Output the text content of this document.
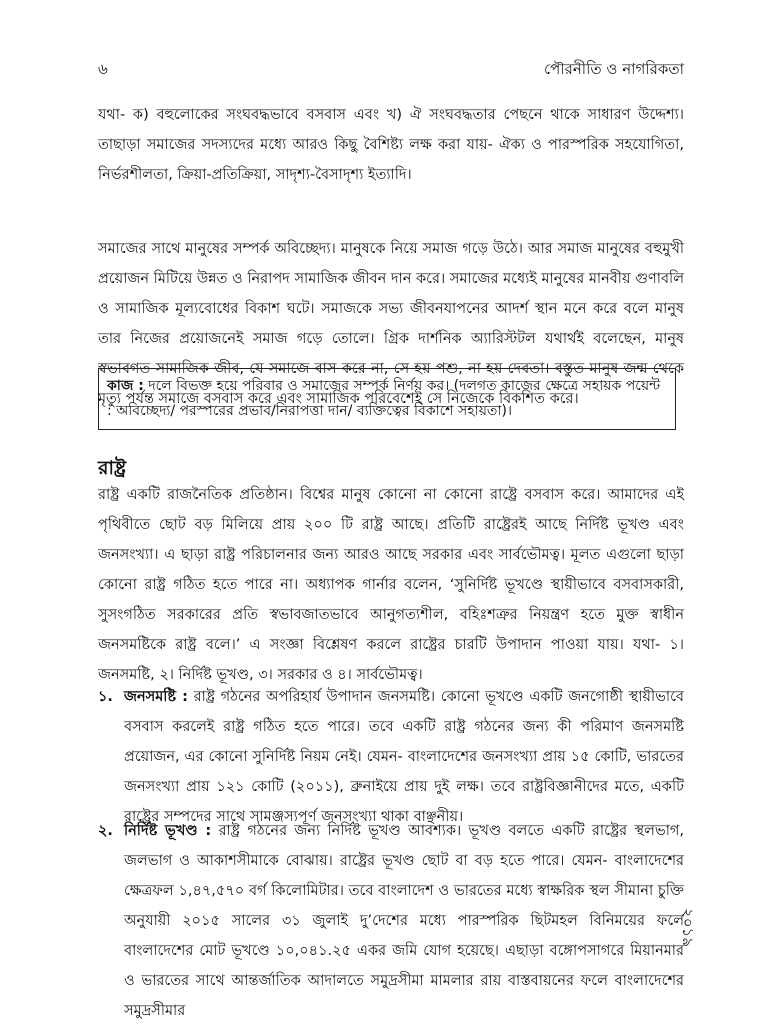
৬	পৌরনীতি ও নাগরিকতা

যথা- ক) বহুলোকের সংঘবদ্ধভাবে বসবাস এবং খ) ঐ সংঘবদ্ধতার পেছনে থাকে সাধারণ উদ্দেশ্য। তাছাড়া সমাজের সদস্যদের মধ্যে আরও কিছু বৈশিষ্ট্য লক্ষ করা যায়- ঐক্য ও পারস্পরিক সহযোগিতা, নির্ভরশীলতা, ক্রিয়া-প্রতিক্রিয়া, সাদৃশ্য-বৈসাদৃশ্য ইত্যাদি।

সমাজের সাথে মানুষের সম্পর্ক অবিচ্ছেদ্য। মানুষকে নিয়ে সমাজ গড়ে উঠে। আর সমাজ মানুষের বহুমুখী প্রয়োজন মিটিয়ে উন্নত ও নিরাপদ সামাজিক জীবন দান করে। সমাজের মধ্যেই মানুষের মানবীয় গুণাবলি ও সামাজিক মূল্যবোধের বিকাশ ঘটে। সমাজকে সভ্য জীবনযাপনের আদর্শ স্থান মনে করে বলে মানুষ তার নিজের প্রয়োজনেই সমাজ গড়ে তোলে। গ্রিক দার্শনিক অ্যারিস্টটল যথার্থই বলেছেন, মানুষ স্বভাবগত সামাজিক জীব, যে সমাজে বাস করে না, সে হয় পশু, না হয় দেবতা। বস্তুত মানুষ জন্ম থেকে মৃত্যু পর্যন্ত সমাজে বসবাস করে এবং সামাজিক পরিবেশেই সে নিজেকে বিকশিত করে।

কাজ : দলে বিভক্ত হয়ে পরিবার ও সমাজের সম্পর্ক নির্ণয় কর। (দলগত কাজের ক্ষেত্রে সহায়ক পয়েন্ট : অবিচ্ছেদ্য/ পরস্পরের প্রভাব/নিরাপত্তা দান/ ব্যক্তিত্বের বিকাশে সহায়তা)।
রাষ্ট্র

রাষ্ট্র একটি রাজনৈতিক প্রতিষ্ঠান। বিশ্বের মানুষ কোনো না কোনো রাষ্ট্রে বসবাস করে। আমাদের এই পৃথিবীতে ছোট বড় মিলিয়ে প্রায় ২০০ টি রাষ্ট্র আছে। প্রতিটি রাষ্ট্রেরই আছে নির্দিষ্ট ভূখণ্ড এবং জনসংখ্যা। এ ছাড়া রাষ্ট্র পরিচালনার জন্য আরও আছে সরকার এবং সার্বভৌমত্ব। মূলত এগুলো ছাড়া কোনো রাষ্ট্র গঠিত হতে পারে না। অধ্যাপক গার্নার বলেন, ‘সুনির্দিষ্ট ভূখণ্ডে স্থায়ীভাবে বসবাসকারী, সুসংগঠিত সরকারের প্রতি স্বভাবজাতভাবে আনুগত্যশীল, বহিঃশত্রুর নিয়ন্ত্রণ হতে মুক্ত স্বাধীন জনসমষ্টিকে রাষ্ট্র বলে।’ এ সংজ্ঞা বিশ্লেষণ করলে রাষ্ট্রের চারটি উপাদান পাওয়া যায়। যথা- ১। জনসমষ্টি, ২। নির্দিষ্ট ভূখণ্ড, ৩। সরকার ও ৪। সার্বভৌমত্ব।

১. জনসমষ্টি : রাষ্ট্র গঠনের অপরিহার্য উপাদান জনসমষ্টি। কোনো ভূখণ্ডে একটি জনগোষ্ঠী স্থায়ীভাবে বসবাস করলেই রাষ্ট্র গঠিত হতে পারে। তবে একটি রাষ্ট্র গঠনের জন্য কী পরিমাণ জনসমষ্টি প্রয়োজন, এর কোনো সুনির্দিষ্ট নিয়ম নেই। যেমন- বাংলাদেশের জনসংখ্যা প্রায় ১৫ কোটি, ভারতের জনসংখ্যা প্রায় ১২১ কোটি (২০১১), ব্রুনাইয়ে প্রায় দুই লক্ষ। তবে রাষ্ট্রবিজ্ঞানীদের মতে, একটি রাষ্ট্রের সম্পদের সাথে সামঞ্জস্যপূর্ণ জনসংখ্যা থাকা বাঞ্ছনীয়।
২. নির্দিষ্ট ভূখণ্ড : রাষ্ট্র গঠনের জন্য নির্দিষ্ট ভূখণ্ড আবশ্যক। ভূখণ্ড বলতে একটি রাষ্ট্রের স্থলভাগ, জলভাগ ও আকাশসীমাকে বোঝায়। রাষ্ট্রের ভূখণ্ড ছোট বা বড় হতে পারে। যেমন- বাংলাদেশের ক্ষেত্রফল ১,৪৭,৫৭০ বর্গ কিলোমিটার। তবে বাংলাদেশ ও ভারতের মধ্যে স্বাক্ষরিক স্থল সীমানা চুক্তি অনুযায়ী ২০১৫ সালের ৩১ জুলাই দু’দেশের মধ্যে পারস্পরিক ছিটমহল বিনিময়ের ফলে বাংলাদেশের মোট ভূখণ্ডে ১০,০৪১.২৫ একর জমি যোগ হয়েছে। এছাড়া বঙ্গোপসাগরে মিয়ানমার ও ভারতের সাথে আন্তর্জাতিক আদালতে সমুদ্রসীমা মামলার রায় বাস্তবায়নের ফলে বাংলাদেশের সমুদ্রসীমার
২০১৯
